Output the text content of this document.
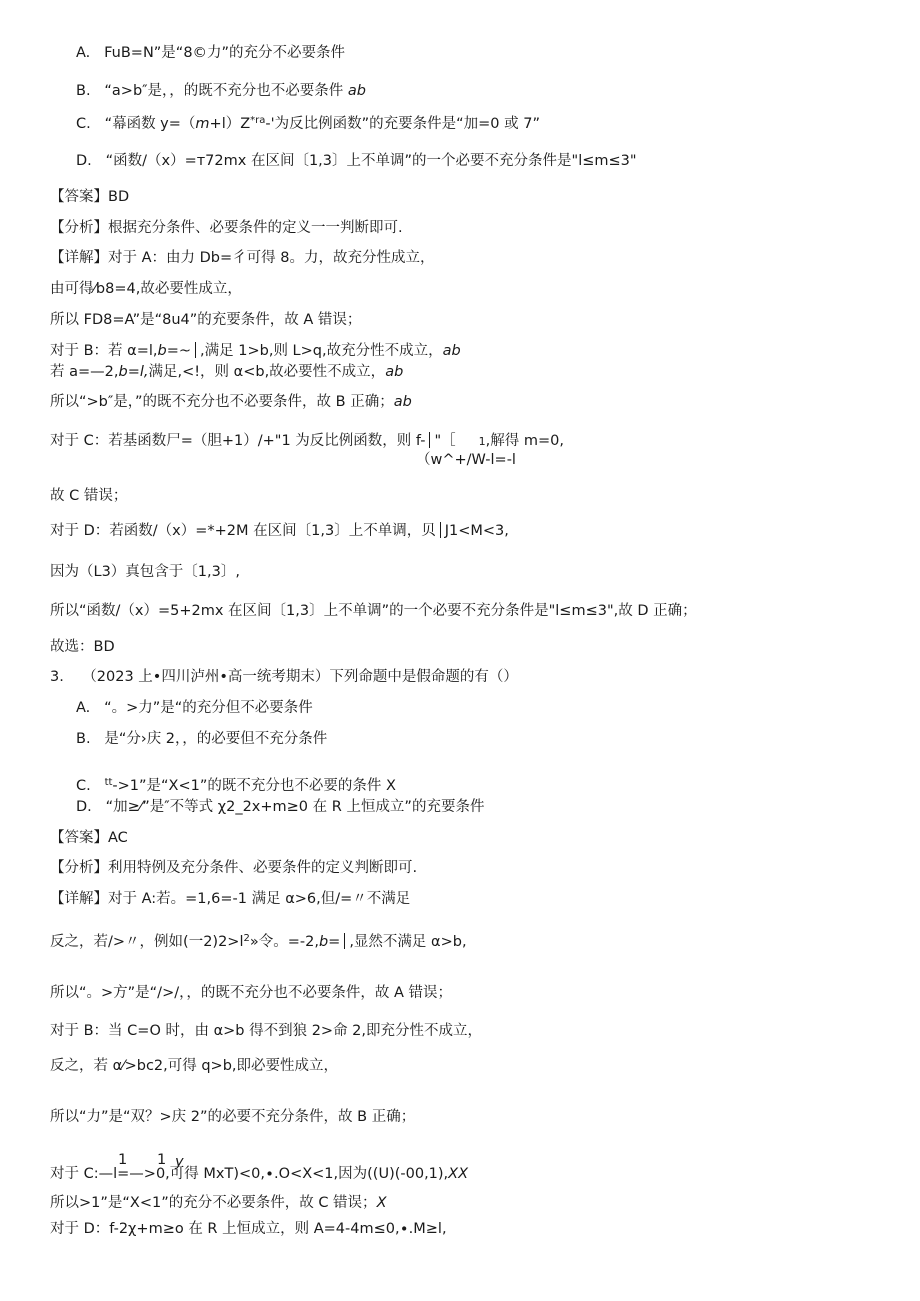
A. FuB=N”是“8©力”的充分不必要条件
B. “a>b″是，，的既不充分也不必要条件 ab
C. “幕函数 $y=(m+l)Z^{*ra}-'$为反比例函数”的充要条件是“加=0 或 7”
D. “函数/（x）=т72mx 在区间〔1,3〕上不单调”的一个必要不充分条件是"l≤m≤3"
【答案】BD
【分析】根据充分条件、必要条件的定义一一判断即可.
【详解】对于 A：由力 Db=彳可得 8。力，故充分性成立，
由可得⁄b8=4,故必要性成立，
所以 FD8=A”是“8u4”的充要条件，故 A 错误；
对于 B：若 α=l,b=~ ,满足 1>b,则 L>q,故充分性不成立，ab
若 a=—2,b=l,满足,<!，则 α<b,故必要性不成立，ab
所以“>b″是，”的既不充分也不必要条件，故 B 正确；ab
对于 C：若基函数尸=（胆+1）/+"1 为反比例函数，则 f- "［ 1,解得 m=0,
（w^+/W-l=-l
故 C 错误；
对于 D：若函数/（x）=*+2M 在区间〔1,3〕上不单调，贝 J1<M<3,
因为（L3）真包含于〔1,3〕,
所以“函数/（x）=5+2mx 在区间〔1,3〕上不单调”的一个必要不充分条件是"l≤m≤3",故 D 正确；
故选：BD
3. （2023 上•四川泸州•高一统考期末）下列命题中是假命题的有（）
A. “。>力”是“的充分但不必要条件
B. 是“分›庆 2，，的必要但不充分条件
C. $^{tt}$->1”是“X<1”的既不充分也不必要的条件 X
D. “加≥⁄”是″不等式 χ2_2x+m≥0 在 R 上恒成立”的充要条件
【答案】AC
【分析】利用特例及充分条件、必要条件的定义判断即可.
【详解】对于 A:若。=1,6=-1 满足 α>6,但/=〃不满足
反之，若/>〃，例如(一$2)2>l^2$»令。=-2,b= ,显然不满足 α>b,
所以“。>方”是“/>/，，的既不充分也不必要条件，故 A 错误；
对于 B：当 C=O 时，由 α>b 得不到狼 2>命 2,即充分性不成立，
反之，若 α⁄>bc2,可得 q>b,即必要性成立，
所以“力”是“双？>庆 2”的必要不充分条件，故 B 正确；
1 1 y
对于 C:—l=—>0,可得 MxT)<0,∙.O<X<1,因为((U)(-00,1),XX
所以>1”是“X<1”的充分不必要条件，故 C 错误；X
对于 D：f-2χ+m≥o 在 R 上恒成立，则 A=4-4m≤0,∙.M≥l,
